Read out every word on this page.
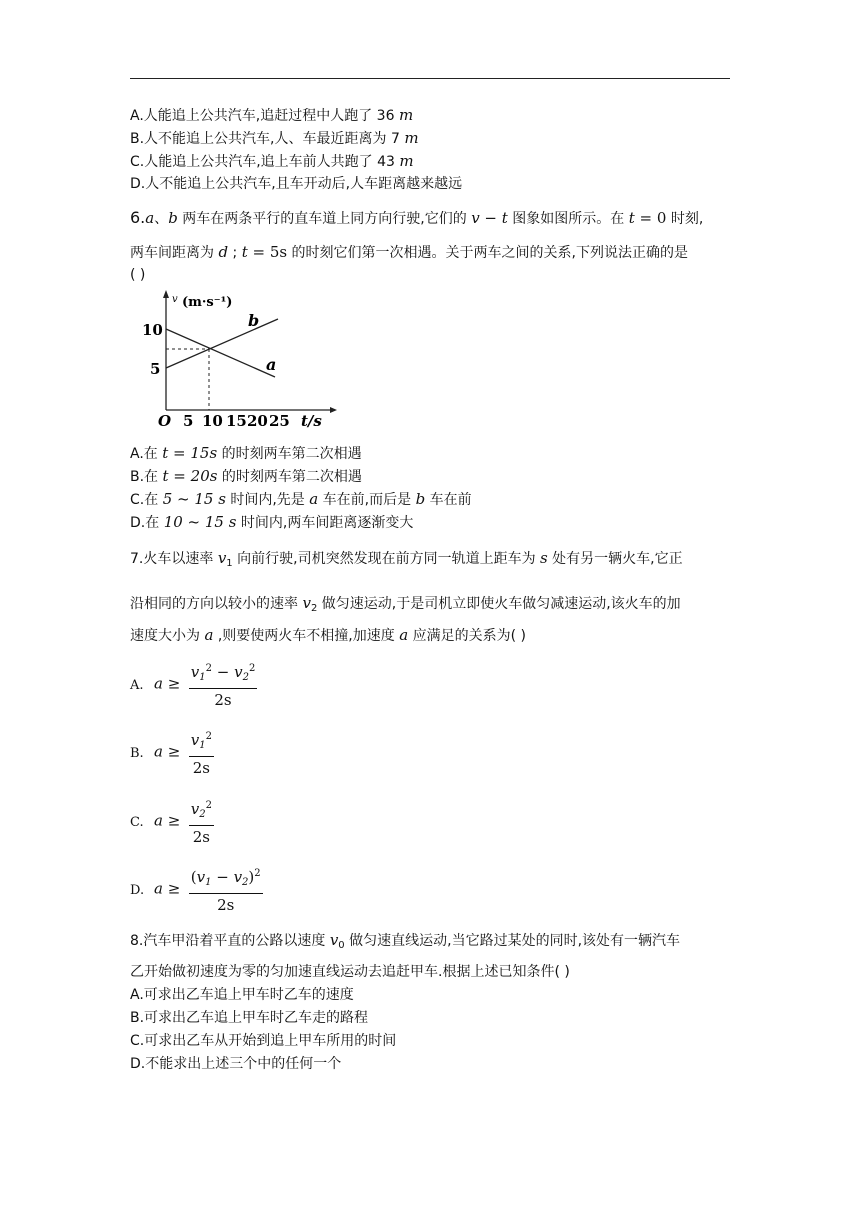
A.人能追上公共汽车,追赶过程中人跑了 36 m
B.人不能追上公共汽车,人、车最近距离为 7 m
C.人能追上公共汽车,追上车前人共跑了 43 m
D.人不能追上公共汽车,且车开动后,人车距离越来越远
6.a、b 两车在两条平行的直车道上同方向行驶,它们的 v − t 图象如图所示。在 t = 0 时刻,
两车间距离为 d ; t = 5s 的时刻它们第一次相遇。关于两车之间的关系,下列说法正确的是
( )
v (m·s⁻¹)
10
5
b
a
O 5 10 15 20 25 t/s
A.在 t = 15s 的时刻两车第二次相遇
B.在 t = 20s 的时刻两车第二次相遇
C.在 5 ~ 15 s 时间内,先是 a 车在前,而后是 b 车在前
D.在 10 ~ 15 s 时间内,两车间距离逐渐变大
7.火车以速率 $v_1$ 向前行驶,司机突然发现在前方同一轨道上距车为 s 处有另一辆火车,它正
沿相同的方向以较小的速率 $v_2$ 做匀速运动,于是司机立即使火车做匀减速运动,该火车的加
速度大小为 a ,则要使两火车不相撞,加速度 a 应满足的关系为( )
A. $a \ge \frac{v_1^2 - v_2^2}{2s}$
B. $a \ge \frac{v_1^2}{2s}$
C. $a \ge \frac{v_2^2}{2s}$
D. $a \ge \frac{(v_1 - v_2)^2}{2s}$
8.汽车甲沿着平直的公路以速度 $v_0$ 做匀速直线运动,当它路过某处的同时,该处有一辆汽车
乙开始做初速度为零的匀加速直线运动去追赶甲车.根据上述已知条件( )
A.可求出乙车追上甲车时乙车的速度
B.可求出乙车追上甲车时乙车走的路程
C.可求出乙车从开始到追上甲车所用的时间
D.不能求出上述三个中的任何一个
